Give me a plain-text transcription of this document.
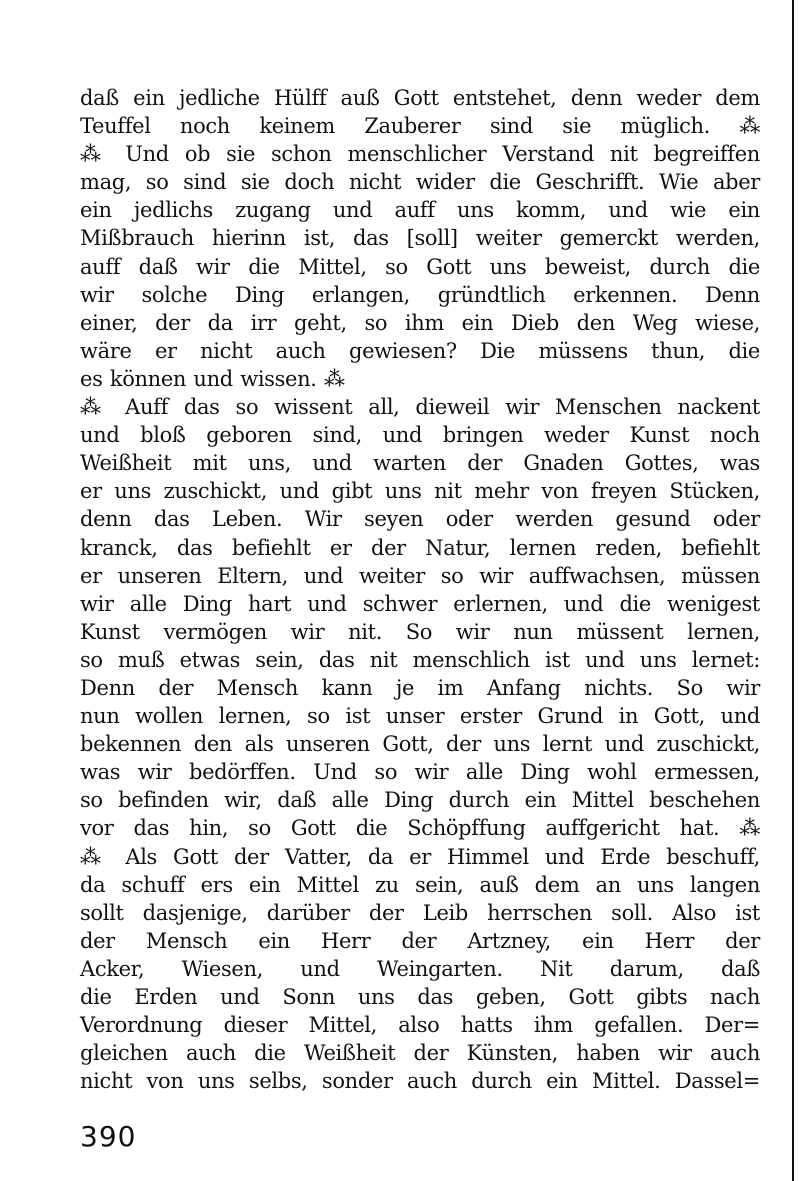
daß ein jedliche Hülff auß Gott entstehet, denn weder dem
Teuffel noch keinem Zauberer sind sie müglich. ⁂
⁂ Und ob sie schon menschlicher Verstand nit begreiffen
mag, so sind sie doch nicht wider die Geschrifft. Wie aber
ein jedlichs zugang und auff uns komm, und wie ein
Mißbrauch hierinn ist, das [soll] weiter gemerckt werden,
auff daß wir die Mittel, so Gott uns beweist, durch die
wir solche Ding erlangen, gründtlich erkennen. Denn
einer, der da irr geht, so ihm ein Dieb den Weg wiese,
wäre er nicht auch gewiesen? Die müssens thun, die
es können und wissen. ⁂
⁂ Auff das so wissent all, dieweil wir Menschen nackent
und bloß geboren sind, und bringen weder Kunst noch
Weißheit mit uns, und warten der Gnaden Gottes, was
er uns zuschickt, und gibt uns nit mehr von freyen Stücken,
denn das Leben. Wir seyen oder werden gesund oder
kranck, das befiehlt er der Natur, lernen reden, befiehlt
er unseren Eltern, und weiter so wir auffwachsen, müssen
wir alle Ding hart und schwer erlernen, und die wenigest
Kunst vermögen wir nit. So wir nun müssent lernen,
so muß etwas sein, das nit menschlich ist und uns lernet:
Denn der Mensch kann je im Anfang nichts. So wir
nun wollen lernen, so ist unser erster Grund in Gott, und
bekennen den als unseren Gott, der uns lernt und zuschickt,
was wir bedörffen. Und so wir alle Ding wohl ermessen,
so befinden wir, daß alle Ding durch ein Mittel beschehen
vor das hin, so Gott die Schöpffung auffgericht hat. ⁂
⁂ Als Gott der Vatter, da er Himmel und Erde beschuff,
da schuff ers ein Mittel zu sein, auß dem an uns langen
sollt dasjenige, darüber der Leib herrschen soll. Also ist
der Mensch ein Herr der Artzney, ein Herr der
Acker, Wiesen, und Weingarten. Nit darum, daß
die Erden und Sonn uns das geben, Gott gibts nach
Verordnung dieser Mittel, also hatts ihm gefallen. Der=
gleichen auch die Weißheit der Künsten, haben wir auch
nicht von uns selbs, sonder auch durch ein Mittel. Dassel=
390
